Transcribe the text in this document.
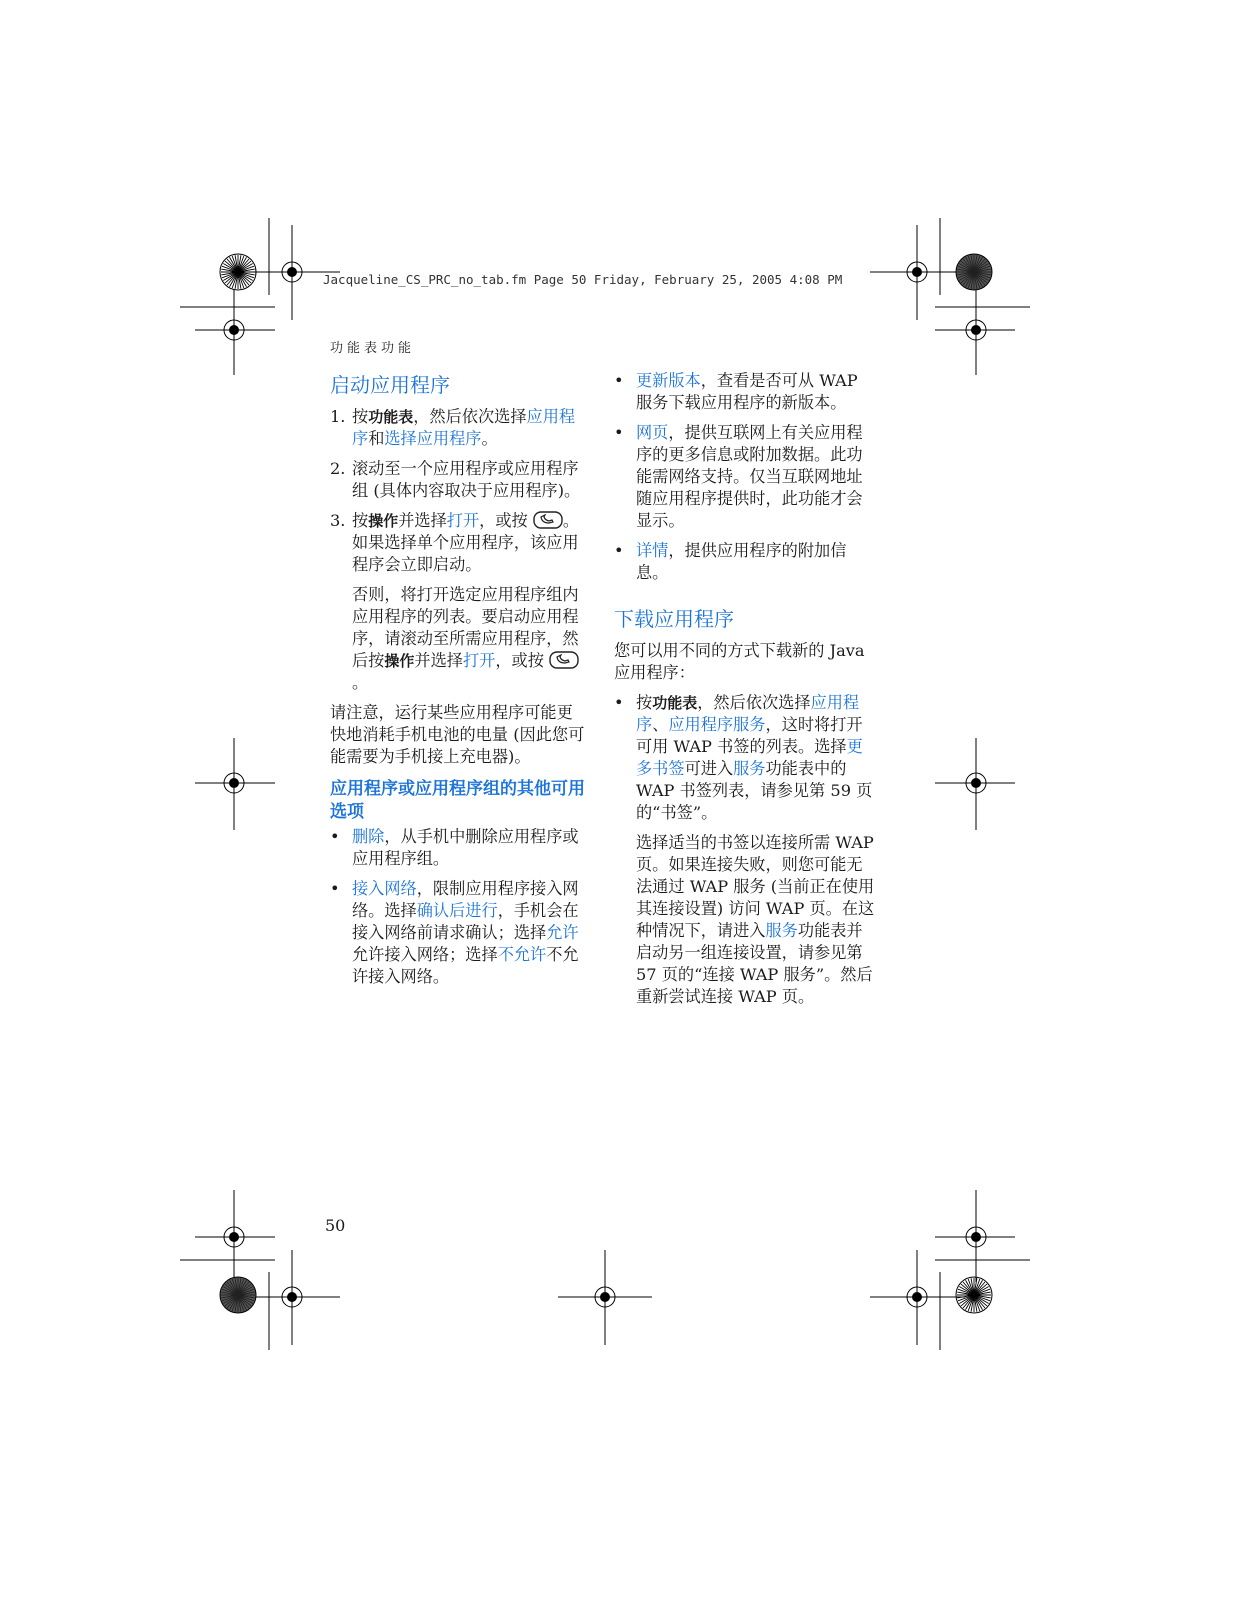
Jacqueline_CS_PRC_no_tab.fm Page 50 Friday, February 25, 2005 4:08 PM
功能表功能
启动应用程序
1. 按功能表，然后依次选择应用程序和选择应用程序。
2. 滚动至一个应用程序或应用程序组 (具体内容取决于应用程序)。
3. 按操作并选择打开，或按 。如果选择单个应用程序，该应用程序会立即启动。
否则，将打开选定应用程序组内应用程序的列表。要启动应用程序，请滚动至所需应用程序，然后按操作并选择打开，或按 。
请注意，运行某些应用程序可能更快地消耗手机电池的电量 (因此您可能需要为手机接上充电器)。
应用程序或应用程序组的其他可用选项
• 删除，从手机中删除应用程序或应用程序组。
• 接入网络，限制应用程序接入网络。选择确认后进行，手机会在接入网络前请求确认；选择允许允许接入网络；选择不允许不允许接入网络。
• 更新版本，查看是否可从 WAP 服务下载应用程序的新版本。
• 网页，提供互联网上有关应用程序的更多信息或附加数据。此功能需网络支持。仅当互联网地址随应用程序提供时，此功能才会显示。
• 详情，提供应用程序的附加信息。
下载应用程序
您可以用不同的方式下载新的 Java 应用程序：
• 按功能表，然后依次选择应用程序、应用程序服务，这时将打开可用 WAP 书签的列表。选择更多书签可进入服务功能表中的 WAP 书签列表，请参见第 59 页的“书签”。
选择适当的书签以连接所需 WAP 页。如果连接失败，则您可能无法通过 WAP 服务 (当前正在使用其连接设置) 访问 WAP 页。在这种情况下，请进入服务功能表并启动另一组连接设置，请参见第 57 页的“连接 WAP 服务”。然后重新尝试连接 WAP 页。
50
